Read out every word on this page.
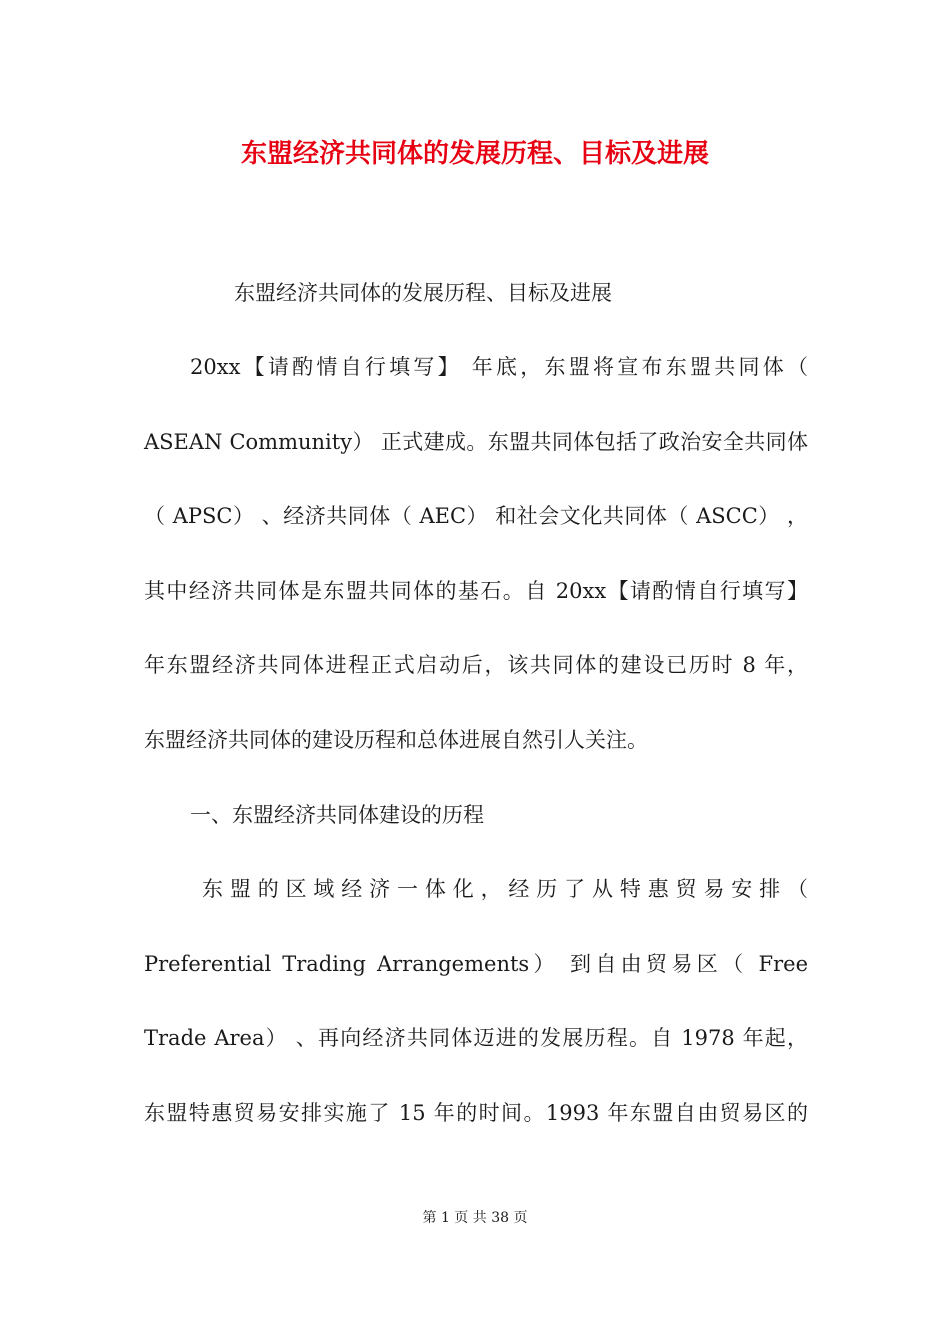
东盟经济共同体的发展历程、目标及进展
东盟经济共同体的发展历程、目标及进展
20xx【请酌情自行填写】 年底，东盟将宣布东盟共同体（
ASEAN Community） 正式建成。东盟共同体包括了政治安全共同体
（ APSC） 、经济共同体（ AEC） 和社会文化共同体（ ASCC） ，
其中经济共同体是东盟共同体的基石。自 20xx【请酌情自行填写】
年东盟经济共同体进程正式启动后，该共同体的建设已历时 8 年，
东盟经济共同体的建设历程和总体进展自然引人关注。
一、东盟经济共同体建设的历程
东盟的区域经济一体化，经历了从特惠贸易安排（
Preferential Trading Arrangements） 到自由贸易区（ Free
Trade Area） 、再向经济共同体迈进的发展历程。自 1978 年起，
东盟特惠贸易安排实施了 15 年的时间。1993 年东盟自由贸易区的
第 1 页 共 38 页
